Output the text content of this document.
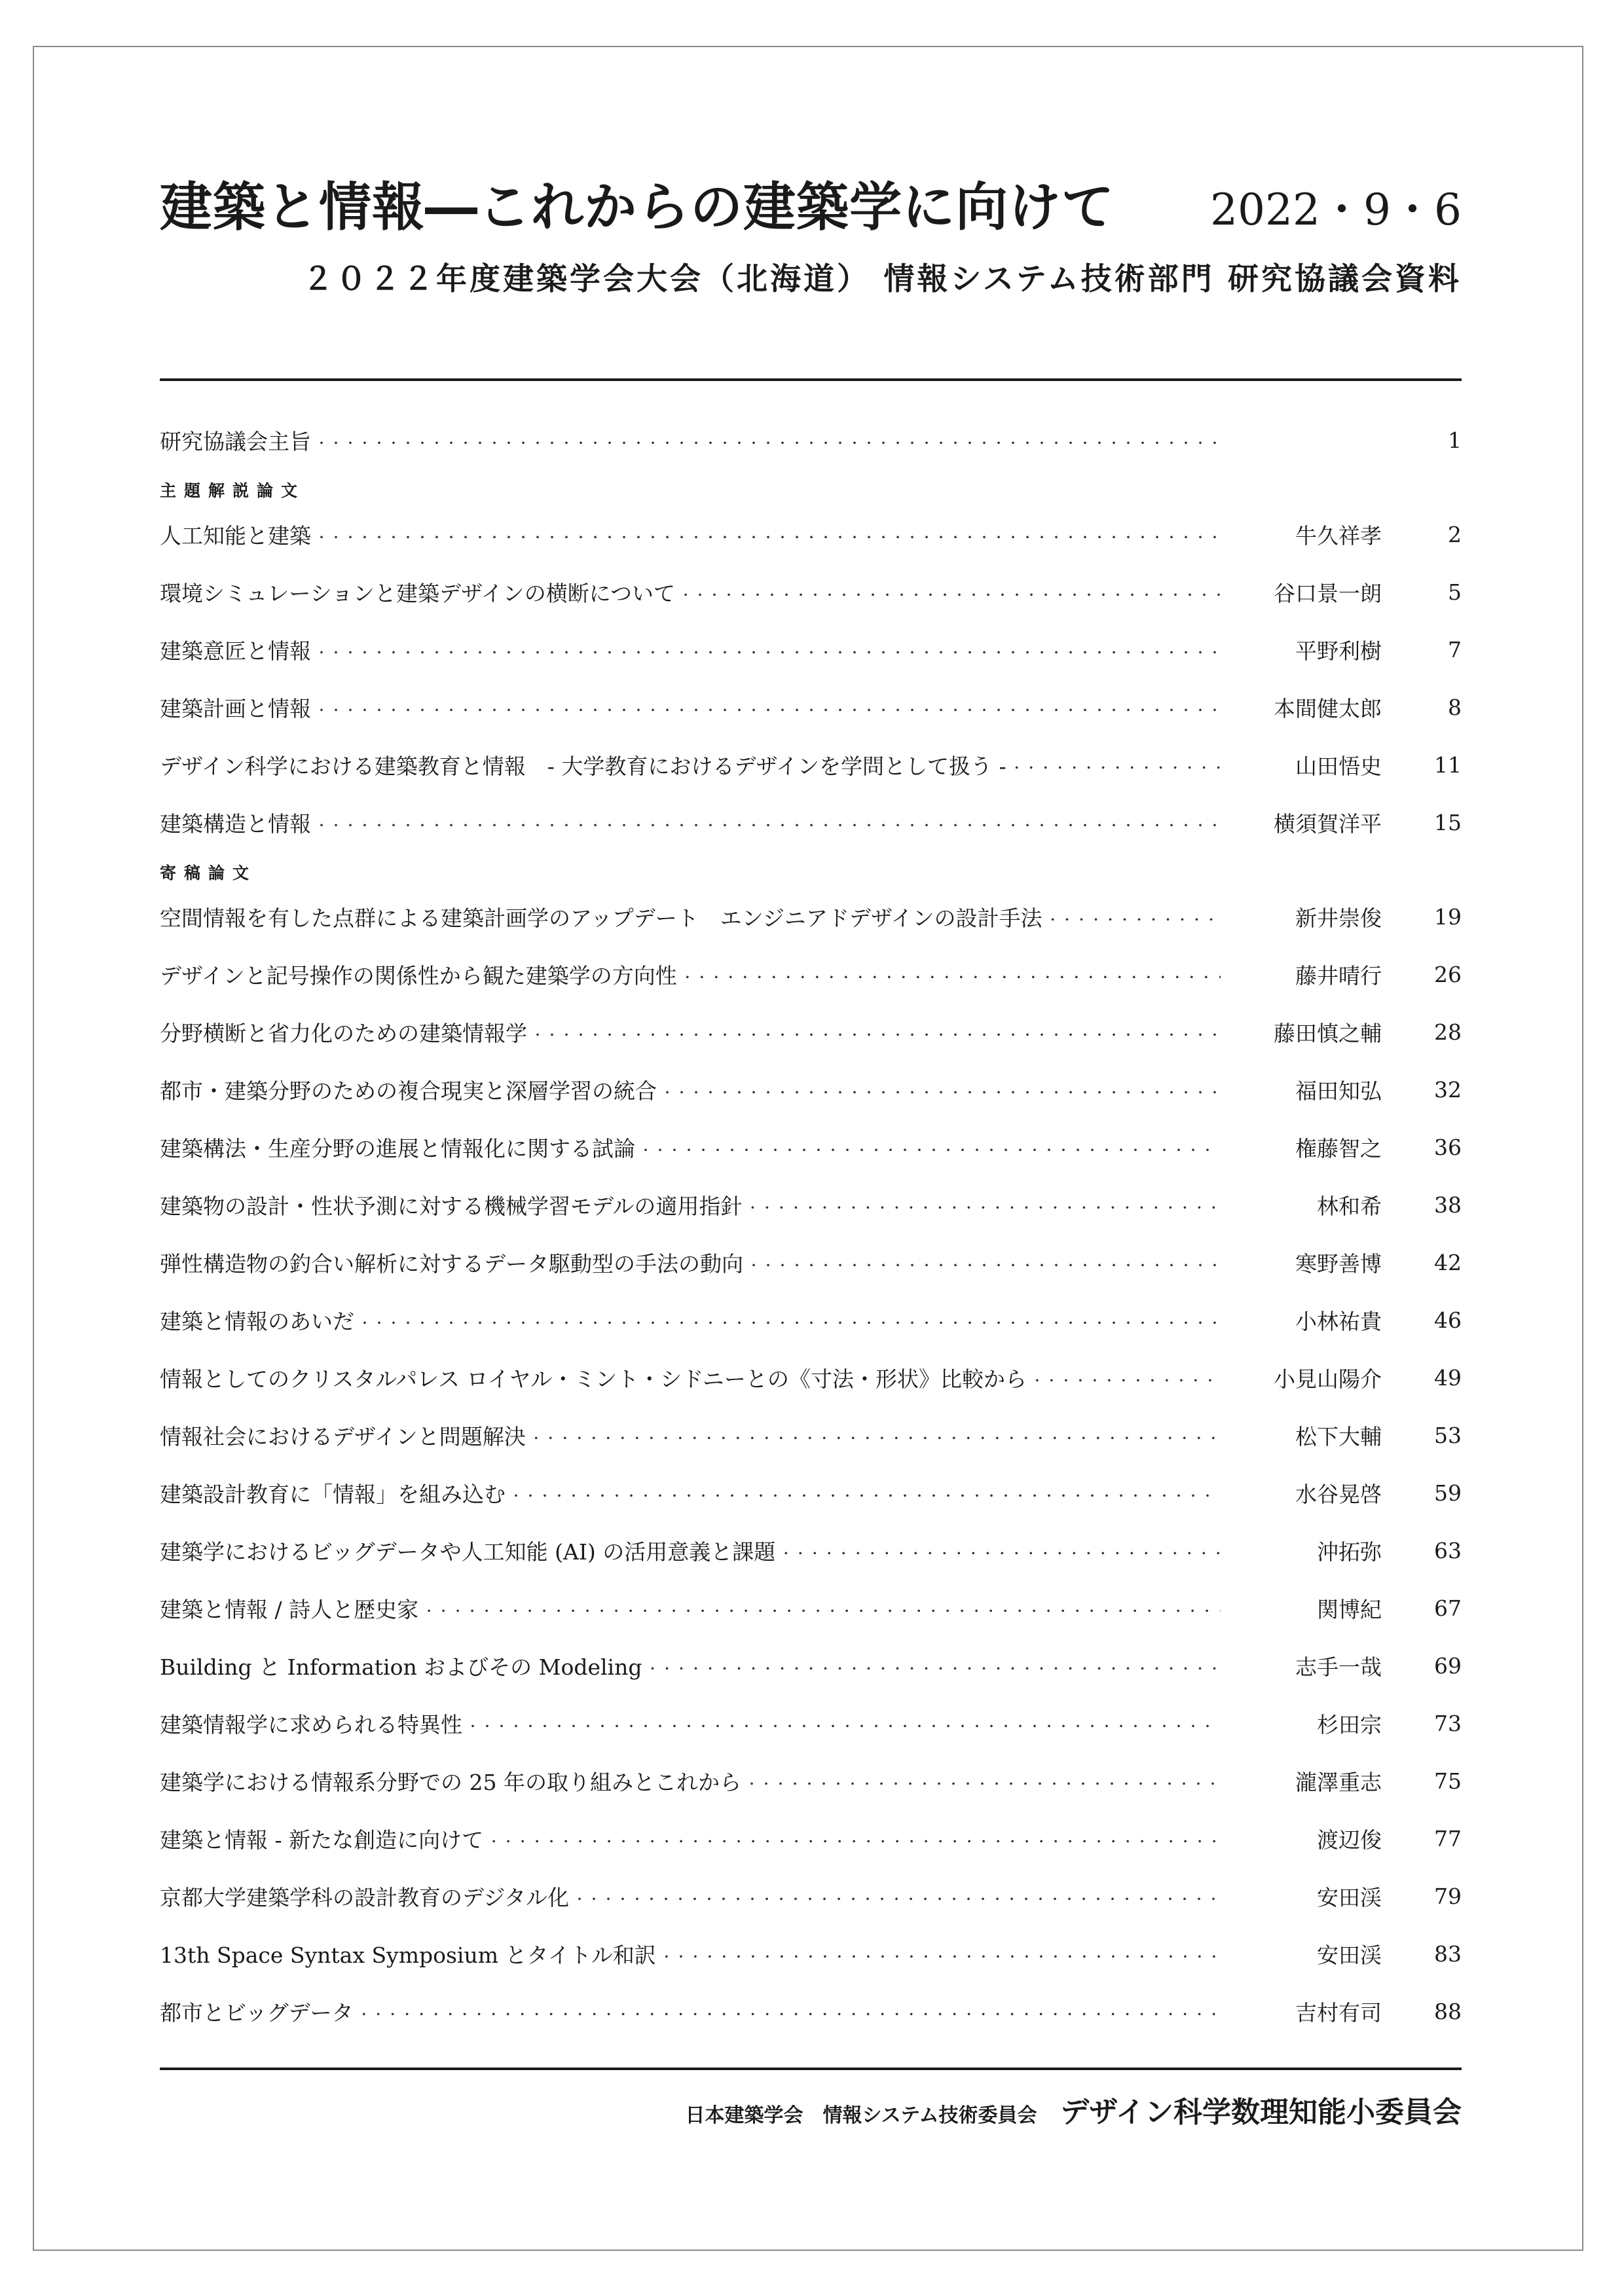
建築と情報―これからの建築学に向けて 2022・9・6
２０２２年度建築学会大会（北海道） 情報システム技術部門 研究協議会資料
研究協議会主旨 ・・・・・・・・・・・・・・・・・・・・・・・・・・・・・・・・・・・・・・・・・・・・・・・・・・・・・・・・・・・・・・・・・・・・・・・・・・・・・・・・・・・・・・・・・・・・・・・・・・・・・・・・・・・・	1
主題解説論文
人工知能と建築 ・・・・・・・・・・・・・・・・・・・・・・・・・・・・・・・・・・・・・・・・・・・・・・・・・・・・・・・・・・・・・・・・・・・・・・・・・・・・・・・・・・・・・・・・・・・・・・・・・・・・・・・・・・・・	牛久祥孝	2
環境シミュレーションと建築デザインの横断について ・・・・・・・・・・・・・・・・・・・・・・・・・・・・・・・・・・・・・・・・・・・・・・・・・・・・・・・・・・・・・・・・・・・・・・・・・・・・・・・・・・・・・・・・・・・・・・・・・・・・・・・・・・・・	谷口景一朗	5
建築意匠と情報 ・・・・・・・・・・・・・・・・・・・・・・・・・・・・・・・・・・・・・・・・・・・・・・・・・・・・・・・・・・・・・・・・・・・・・・・・・・・・・・・・・・・・・・・・・・・・・・・・・・・・・・・・・・・・	平野利樹	7
建築計画と情報 ・・・・・・・・・・・・・・・・・・・・・・・・・・・・・・・・・・・・・・・・・・・・・・・・・・・・・・・・・・・・・・・・・・・・・・・・・・・・・・・・・・・・・・・・・・・・・・・・・・・・・・・・・・・・	本間健太郎	8
デザイン科学における建築教育と情報　- 大学教育におけるデザインを学問として扱う - ・・・・・・・・・・・・・・・・・・・・・・・・・・・・・・・・・・・・・・・・・・・・・・・・・・・・・・・・・・・・・・・・・・・・・・・・・・・・・・・・・・・・・・・・・・・・・・・・・・・・・・・・・・・・	山田悟史	11
建築構造と情報 ・・・・・・・・・・・・・・・・・・・・・・・・・・・・・・・・・・・・・・・・・・・・・・・・・・・・・・・・・・・・・・・・・・・・・・・・・・・・・・・・・・・・・・・・・・・・・・・・・・・・・・・・・・・・	横須賀洋平	15
寄稿論文
空間情報を有した点群による建築計画学のアップデート　エンジニアドデザインの設計手法 ・・・・・・・・・・・・・・・・・・・・・・・・・・・・・・・・・・・・・・・・・・・・・・・・・・・・・・・・・・・・・・・・・・・・・・・・・・・・・・・・・・・・・・・・・・・・・・・・・・・・・・・・・・・・	新井崇俊	19
デザインと記号操作の関係性から観た建築学の方向性 ・・・・・・・・・・・・・・・・・・・・・・・・・・・・・・・・・・・・・・・・・・・・・・・・・・・・・・・・・・・・・・・・・・・・・・・・・・・・・・・・・・・・・・・・・・・・・・・・・・・・・・・・・・・・	藤井晴行	26
分野横断と省力化のための建築情報学 ・・・・・・・・・・・・・・・・・・・・・・・・・・・・・・・・・・・・・・・・・・・・・・・・・・・・・・・・・・・・・・・・・・・・・・・・・・・・・・・・・・・・・・・・・・・・・・・・・・・・・・・・・・・・	藤田慎之輔	28
都市・建築分野のための複合現実と深層学習の統合 ・・・・・・・・・・・・・・・・・・・・・・・・・・・・・・・・・・・・・・・・・・・・・・・・・・・・・・・・・・・・・・・・・・・・・・・・・・・・・・・・・・・・・・・・・・・・・・・・・・・・・・・・・・・・	福田知弘	32
建築構法・生産分野の進展と情報化に関する試論 ・・・・・・・・・・・・・・・・・・・・・・・・・・・・・・・・・・・・・・・・・・・・・・・・・・・・・・・・・・・・・・・・・・・・・・・・・・・・・・・・・・・・・・・・・・・・・・・・・・・・・・・・・・・・	権藤智之	36
建築物の設計・性状予測に対する機械学習モデルの適用指針 ・・・・・・・・・・・・・・・・・・・・・・・・・・・・・・・・・・・・・・・・・・・・・・・・・・・・・・・・・・・・・・・・・・・・・・・・・・・・・・・・・・・・・・・・・・・・・・・・・・・・・・・・・・・・	林和希	38
弾性構造物の釣合い解析に対するデータ駆動型の手法の動向 ・・・・・・・・・・・・・・・・・・・・・・・・・・・・・・・・・・・・・・・・・・・・・・・・・・・・・・・・・・・・・・・・・・・・・・・・・・・・・・・・・・・・・・・・・・・・・・・・・・・・・・・・・・・・	寒野善博	42
建築と情報のあいだ ・・・・・・・・・・・・・・・・・・・・・・・・・・・・・・・・・・・・・・・・・・・・・・・・・・・・・・・・・・・・・・・・・・・・・・・・・・・・・・・・・・・・・・・・・・・・・・・・・・・・・・・・・・・・	小林祐貴	46
情報としてのクリスタルパレス ロイヤル・ミント・シドニーとの《寸法・形状》比較から ・・・・・・・・・・・・・・・・・・・・・・・・・・・・・・・・・・・・・・・・・・・・・・・・・・・・・・・・・・・・・・・・・・・・・・・・・・・・・・・・・・・・・・・・・・・・・・・・・・・・・・・・・・・・	小見山陽介	49
情報社会におけるデザインと問題解決 ・・・・・・・・・・・・・・・・・・・・・・・・・・・・・・・・・・・・・・・・・・・・・・・・・・・・・・・・・・・・・・・・・・・・・・・・・・・・・・・・・・・・・・・・・・・・・・・・・・・・・・・・・・・・	松下大輔	53
建築設計教育に「情報」を組み込む ・・・・・・・・・・・・・・・・・・・・・・・・・・・・・・・・・・・・・・・・・・・・・・・・・・・・・・・・・・・・・・・・・・・・・・・・・・・・・・・・・・・・・・・・・・・・・・・・・・・・・・・・・・・・	水谷晃啓	59
建築学におけるビッグデータや人工知能 (AI) の活用意義と課題 ・・・・・・・・・・・・・・・・・・・・・・・・・・・・・・・・・・・・・・・・・・・・・・・・・・・・・・・・・・・・・・・・・・・・・・・・・・・・・・・・・・・・・・・・・・・・・・・・・・・・・・・・・・・・	沖拓弥	63
建築と情報 / 詩人と歴史家 ・・・・・・・・・・・・・・・・・・・・・・・・・・・・・・・・・・・・・・・・・・・・・・・・・・・・・・・・・・・・・・・・・・・・・・・・・・・・・・・・・・・・・・・・・・・・・・・・・・・・・・・・・・・・	関博紀	67
Building と Information およびその Modeling ・・・・・・・・・・・・・・・・・・・・・・・・・・・・・・・・・・・・・・・・・・・・・・・・・・・・・・・・・・・・・・・・・・・・・・・・・・・・・・・・・・・・・・・・・・・・・・・・・・・・・・・・・・・・	志手一哉	69
建築情報学に求められる特異性 ・・・・・・・・・・・・・・・・・・・・・・・・・・・・・・・・・・・・・・・・・・・・・・・・・・・・・・・・・・・・・・・・・・・・・・・・・・・・・・・・・・・・・・・・・・・・・・・・・・・・・・・・・・・・	杉田宗	73
建築学における情報系分野での 25 年の取り組みとこれから ・・・・・・・・・・・・・・・・・・・・・・・・・・・・・・・・・・・・・・・・・・・・・・・・・・・・・・・・・・・・・・・・・・・・・・・・・・・・・・・・・・・・・・・・・・・・・・・・・・・・・・・・・・・・	瀧澤重志	75
建築と情報 - 新たな創造に向けて ・・・・・・・・・・・・・・・・・・・・・・・・・・・・・・・・・・・・・・・・・・・・・・・・・・・・・・・・・・・・・・・・・・・・・・・・・・・・・・・・・・・・・・・・・・・・・・・・・・・・・・・・・・・・	渡辺俊	77
京都大学建築学科の設計教育のデジタル化 ・・・・・・・・・・・・・・・・・・・・・・・・・・・・・・・・・・・・・・・・・・・・・・・・・・・・・・・・・・・・・・・・・・・・・・・・・・・・・・・・・・・・・・・・・・・・・・・・・・・・・・・・・・・・	安田渓	79
13th Space Syntax Symposium とタイトル和訳 ・・・・・・・・・・・・・・・・・・・・・・・・・・・・・・・・・・・・・・・・・・・・・・・・・・・・・・・・・・・・・・・・・・・・・・・・・・・・・・・・・・・・・・・・・・・・・・・・・・・・・・・・・・・・	安田渓	83
都市とビッグデータ ・・・・・・・・・・・・・・・・・・・・・・・・・・・・・・・・・・・・・・・・・・・・・・・・・・・・・・・・・・・・・・・・・・・・・・・・・・・・・・・・・・・・・・・・・・・・・・・・・・・・・・・・・・・・	吉村有司	88
日本建築学会　情報システム技術委員会 デザイン科学数理知能小委員会
